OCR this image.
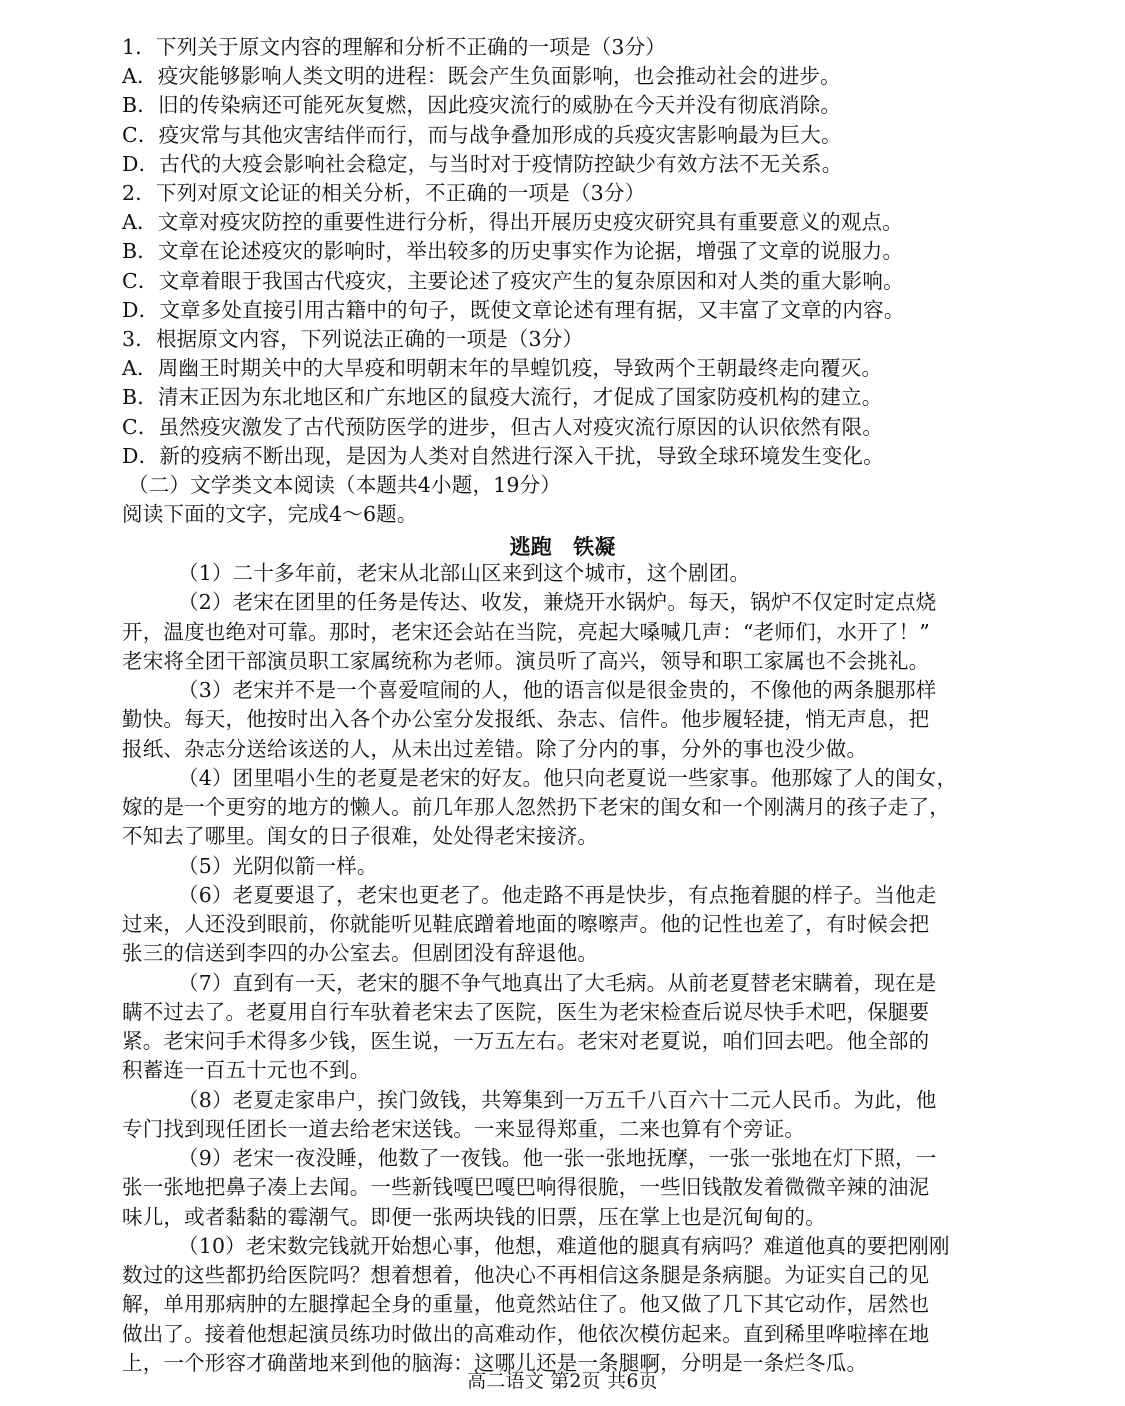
1．下列关于原文内容的理解和分析不正确的一项是（3分）
A．疫灾能够影响人类文明的进程：既会产生负面影响，也会推动社会的进步。
B．旧的传染病还可能死灰复燃，因此疫灾流行的威胁在今天并没有彻底消除。
C．疫灾常与其他灾害结伴而行，而与战争叠加形成的兵疫灾害影响最为巨大。
D．古代的大疫会影响社会稳定，与当时对于疫情防控缺少有效方法不无关系。
2．下列对原文论证的相关分析，不正确的一项是（3分）
A．文章对疫灾防控的重要性进行分析，得出开展历史疫灾研究具有重要意义的观点。
B．文章在论述疫灾的影响时，举出较多的历史事实作为论据，增强了文章的说服力。
C．文章着眼于我国古代疫灾，主要论述了疫灾产生的复杂原因和对人类的重大影响。
D．文章多处直接引用古籍中的句子，既使文章论述有理有据，又丰富了文章的内容。
3．根据原文内容，下列说法正确的一项是（3分）
A．周幽王时期关中的大旱疫和明朝末年的旱蝗饥疫，导致两个王朝最终走向覆灭。
B．清末正因为东北地区和广东地区的鼠疫大流行，才促成了国家防疫机构的建立。
C．虽然疫灾激发了古代预防医学的进步，但古人对疫灾流行原因的认识依然有限。
D．新的疫病不断出现，是因为人类对自然进行深入干扰，导致全球环境发生变化。
（二）文学类文本阅读（本题共4小题，19分）
阅读下面的文字，完成4～6题。
逃跑　铁凝
（1）二十多年前，老宋从北部山区来到这个城市，这个剧团。
（2）老宋在团里的任务是传达、收发，兼烧开水锅炉。每天，锅炉不仅定时定点烧
开，温度也绝对可靠。那时，老宋还会站在当院，亮起大嗓喊几声：“老师们，水开了！”
老宋将全团干部演员职工家属统称为老师。演员听了高兴，领导和职工家属也不会挑礼。
（3）老宋并不是一个喜爱喧闹的人，他的语言似是很金贵的，不像他的两条腿那样
勤快。每天，他按时出入各个办公室分发报纸、杂志、信件。他步履轻捷，悄无声息，把
报纸、杂志分送给该送的人，从未出过差错。除了分内的事，分外的事也没少做。
（4）团里唱小生的老夏是老宋的好友。他只向老夏说一些家事。他那嫁了人的闺女，
嫁的是一个更穷的地方的懒人。前几年那人忽然扔下老宋的闺女和一个刚满月的孩子走了，
不知去了哪里。闺女的日子很难，处处得老宋接济。
（5）光阴似箭一样。
（6）老夏要退了，老宋也更老了。他走路不再是快步，有点拖着腿的样子。当他走
过来，人还没到眼前，你就能听见鞋底蹭着地面的嚓嚓声。他的记性也差了，有时候会把
张三的信送到李四的办公室去。但剧团没有辞退他。
（7）直到有一天，老宋的腿不争气地真出了大毛病。从前老夏替老宋瞒着，现在是
瞒不过去了。老夏用自行车驮着老宋去了医院，医生为老宋检查后说尽快手术吧，保腿要
紧。老宋问手术得多少钱，医生说，一万五左右。老宋对老夏说，咱们回去吧。他全部的
积蓄连一百五十元也不到。
（8）老夏走家串户，挨门敛钱，共筹集到一万五千八百六十二元人民币。为此，他
专门找到现任团长一道去给老宋送钱。一来显得郑重，二来也算有个旁证。
（9）老宋一夜没睡，他数了一夜钱。他一张一张地抚摩，一张一张地在灯下照，一
张一张地把鼻子凑上去闻。一些新钱嘎巴嘎巴响得很脆，一些旧钱散发着微微辛辣的油泥
味儿，或者黏黏的霉潮气。即便一张两块钱的旧票，压在掌上也是沉甸甸的。
（10）老宋数完钱就开始想心事，他想，难道他的腿真有病吗？难道他真的要把刚刚
数过的这些都扔给医院吗？想着想着，他决心不再相信这条腿是条病腿。为证实自己的见
解，单用那病肿的左腿撑起全身的重量，他竟然站住了。他又做了几下其它动作，居然也
做出了。接着他想起演员练功时做出的高难动作，他依次模仿起来。直到稀里哗啦摔在地
上，一个形容才确凿地来到他的脑海：这哪儿还是一条腿啊，分明是一条烂冬瓜。
高二语文 第2页 共6页
